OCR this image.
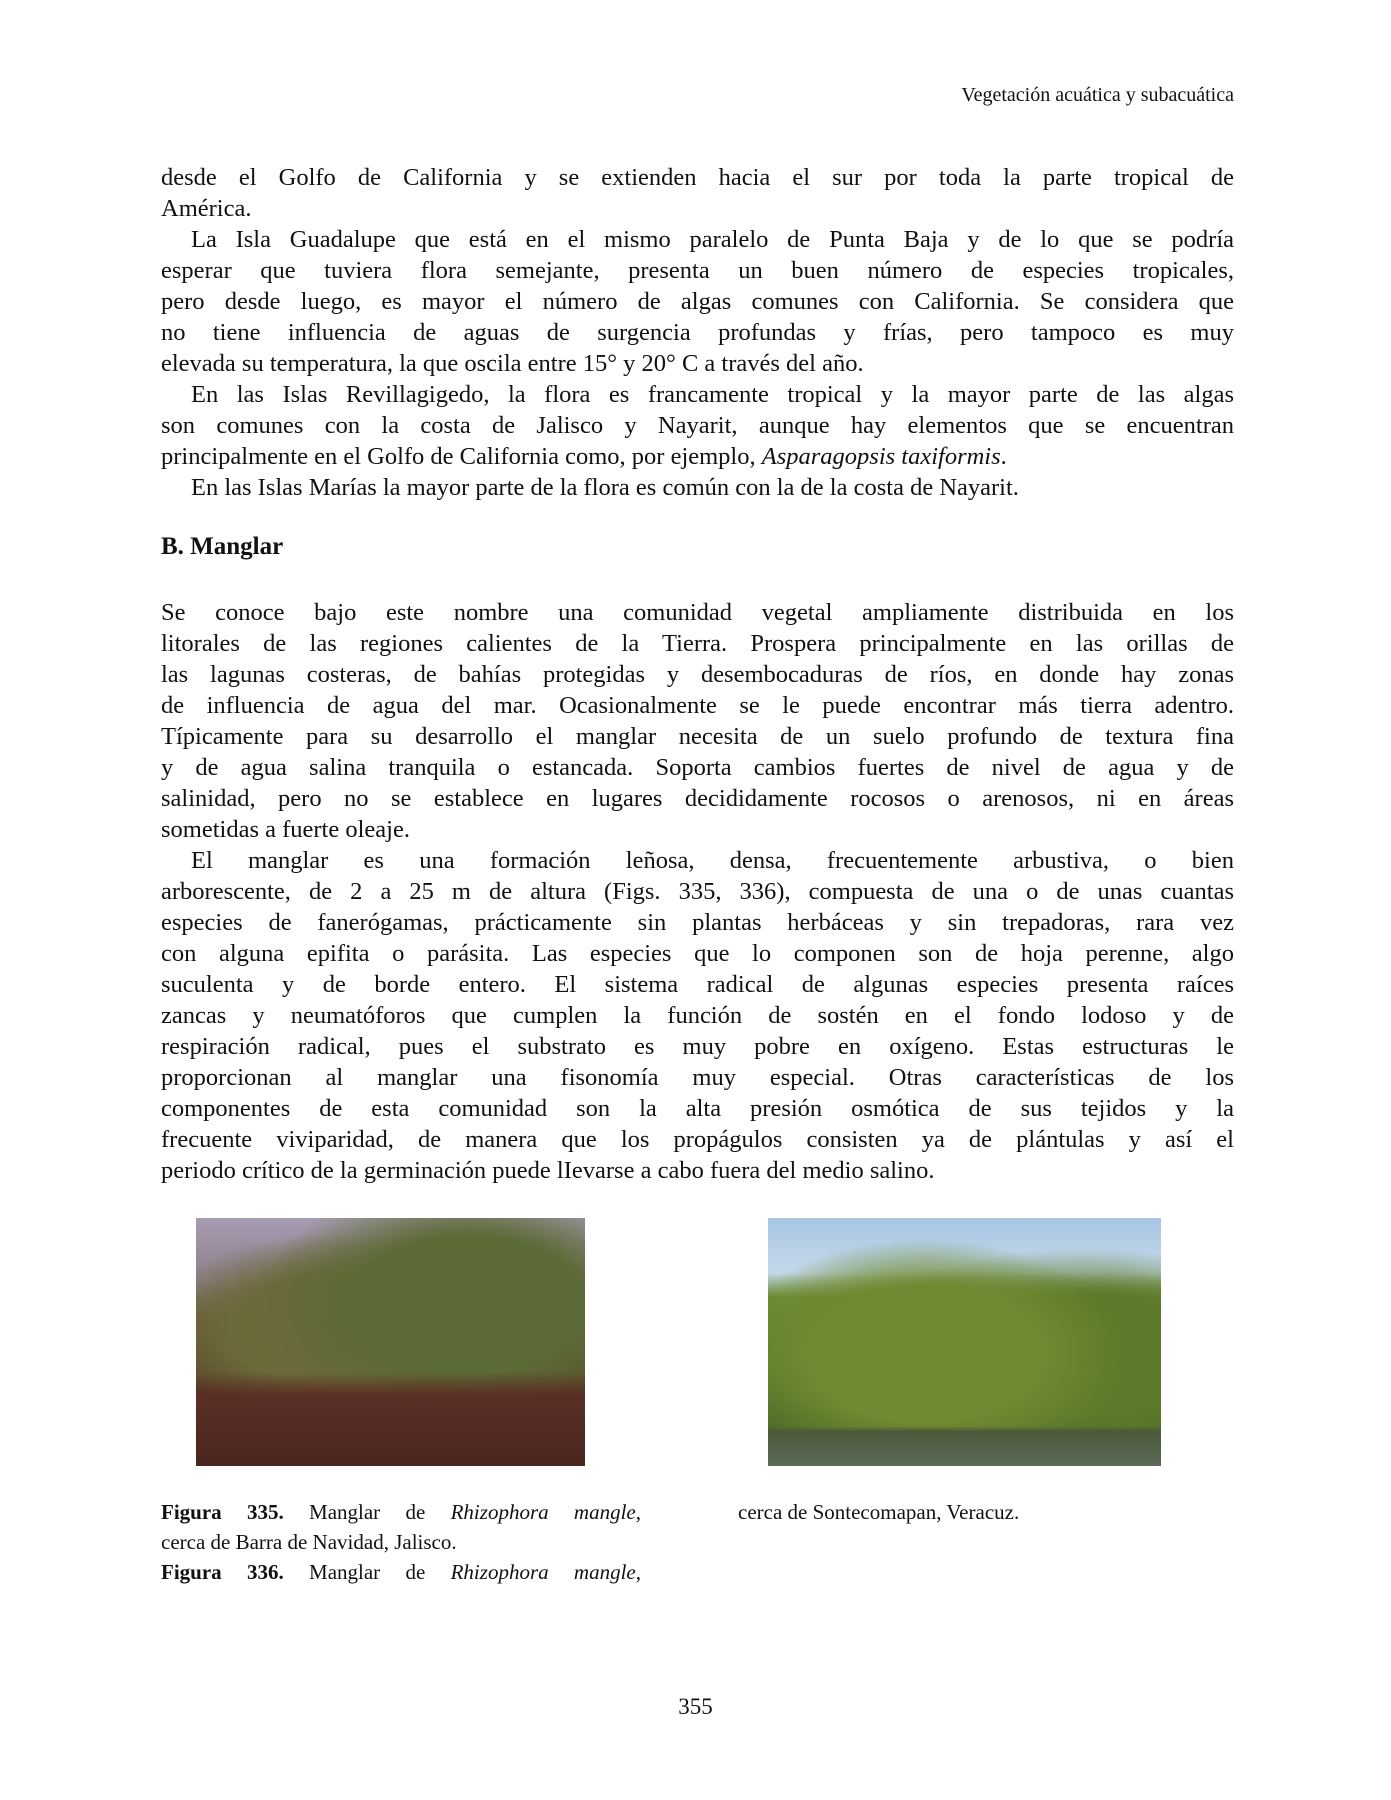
Vegetación acuática y subacuática
desde el Golfo de California y se extienden hacia el sur por toda la parte tropical de
América.
La Isla Guadalupe que está en el mismo paralelo de Punta Baja y de lo que se podría
esperar que tuviera flora semejante, presenta un buen número de especies tropicales,
pero desde luego, es mayor el número de algas comunes con California. Se considera que
no tiene influencia de aguas de surgencia profundas y frías, pero tampoco es muy
elevada su temperatura, la que oscila entre 15° y 20° C a través del año.
En las Islas Revillagigedo, la flora es francamente tropical y la mayor parte de las algas
son comunes con la costa de Jalisco y Nayarit, aunque hay elementos que se encuentran
principalmente en el Golfo de California como, por ejemplo, Asparagopsis taxiformis.
En las Islas Marías la mayor parte de la flora es común con la de la costa de Nayarit.
B. Manglar
Se conoce bajo este nombre una comunidad vegetal ampliamente distribuida en los
litorales de las regiones calientes de la Tierra. Prospera principalmente en las orillas de
las lagunas costeras, de bahías protegidas y desembocaduras de ríos, en donde hay zonas
de influencia de agua del mar. Ocasionalmente se le puede encontrar más tierra adentro.
Típicamente para su desarrollo el manglar necesita de un suelo profundo de textura fina
y de agua salina tranquila o estancada. Soporta cambios fuertes de nivel de agua y de
salinidad, pero no se establece en lugares decididamente rocosos o arenosos, ni en áreas
sometidas a fuerte oleaje.
El manglar es una formación leñosa, densa, frecuentemente arbustiva, o bien
arborescente, de 2 a 25 m de altura (Figs. 335, 336), compuesta de una o de unas cuantas
especies de fanerógamas, prácticamente sin plantas herbáceas y sin trepadoras, rara vez
con alguna epifita o parásita. Las especies que lo componen son de hoja perenne, algo
suculenta y de borde entero. El sistema radical de algunas especies presenta raíces
zancas y neumatóforos que cumplen la función de sostén en el fondo lodoso y de
respiración radical, pues el substrato es muy pobre en oxígeno. Estas estructuras le
proporcionan al manglar una fisonomía muy especial. Otras características de los
componentes de esta comunidad son la alta presión osmótica de sus tejidos y la
frecuente viviparidad, de manera que los propágulos consisten ya de plántulas y así el
periodo crítico de la germinación puede lIevarse a cabo fuera del medio salino.
Figura 335. Manglar de Rhizophora mangle,
cerca de Barra de Navidad, Jalisco.
Figura 336. Manglar de Rhizophora mangle,
cerca de Sontecomapan, Veracuz.
355
